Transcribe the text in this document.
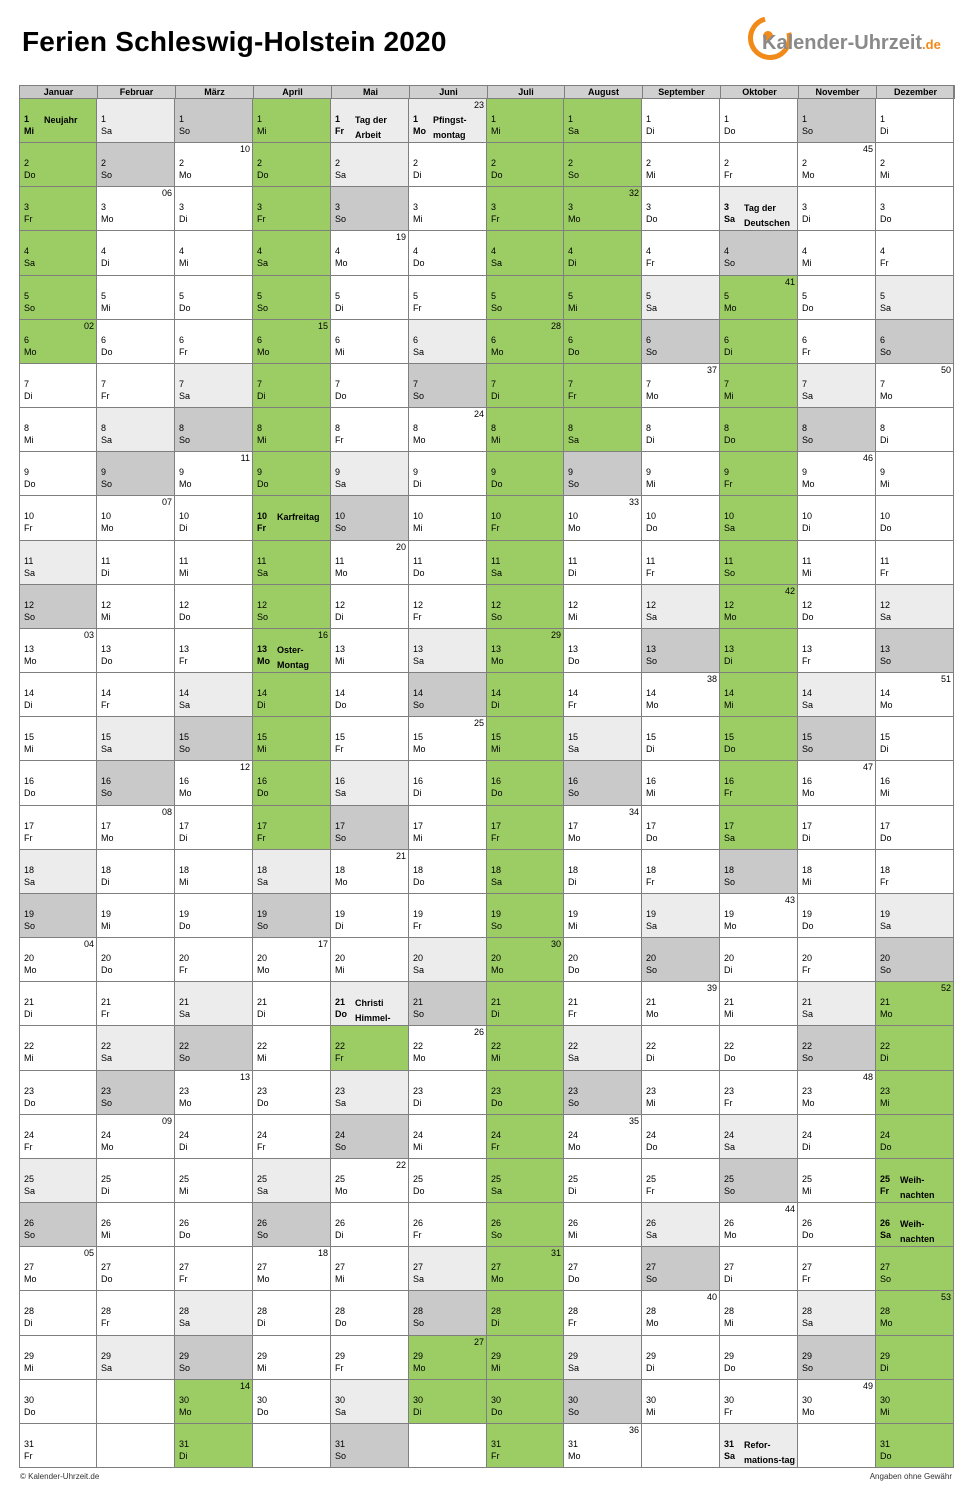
Ferien Schleswig-Holstein 2020	Kalender-Uhrzeit.de
Januar
1
Mi
Neujahr
2
Do
3
Fr
4
Sa
5
So
6
Mo
02
7
Di
8
Mi
9
Do
10
Fr
11
Sa
12
So
13
Mo
03
14
Di
15
Mi
16
Do
17
Fr
18
Sa
19
So
20
Mo
04
21
Di
22
Mi
23
Do
24
Fr
25
Sa
26
So
27
Mo
05
28
Di
29
Mi
30
Do
31
Fr
Februar
1
Sa
2
So
3
Mo
06
4
Di
5
Mi
6
Do
7
Fr
8
Sa
9
So
10
Mo
07
11
Di
12
Mi
13
Do
14
Fr
15
Sa
16
So
17
Mo
08
18
Di
19
Mi
20
Do
21
Fr
22
Sa
23
So
24
Mo
09
25
Di
26
Mi
27
Do
28
Fr
29
Sa
März
1
So
2
Mo
10
3
Di
4
Mi
5
Do
6
Fr
7
Sa
8
So
9
Mo
11
10
Di
11
Mi
12
Do
13
Fr
14
Sa
15
So
16
Mo
12
17
Di
18
Mi
19
Do
20
Fr
21
Sa
22
So
23
Mo
13
24
Di
25
Mi
26
Do
27
Fr
28
Sa
29
So
30
Mo
14
31
Di
April
1
Mi
2
Do
3
Fr
4
Sa
5
So
6
Mo
15
7
Di
8
Mi
9
Do
10
Fr
Karfreitag
11
Sa
12
So
13
Mo
Oster-Montag
16
14
Di
15
Mi
16
Do
17
Fr
18
Sa
19
So
20
Mo
17
21
Di
22
Mi
23
Do
24
Fr
25
Sa
26
So
27
Mo
18
28
Di
29
Mi
30
Do
Mai
1
Fr
Tag der Arbeit
2
Sa
3
So
4
Mo
19
5
Di
6
Mi
7
Do
8
Fr
9
Sa
10
So
11
Mo
20
12
Di
13
Mi
14
Do
15
Fr
16
Sa
17
So
18
Mo
21
19
Di
20
Mi
21
Do
Christi Himmel-
22
Fr
23
Sa
24
So
25
Mo
22
26
Di
27
Mi
28
Do
29
Fr
30
Sa
31
So
Juni
1
Mo
Pfingst-montag
23
2
Di
3
Mi
4
Do
5
Fr
6
Sa
7
So
8
Mo
24
9
Di
10
Mi
11
Do
12
Fr
13
Sa
14
So
15
Mo
25
16
Di
17
Mi
18
Do
19
Fr
20
Sa
21
So
22
Mo
26
23
Di
24
Mi
25
Do
26
Fr
27
Sa
28
So
29
Mo
27
30
Di
Juli
1
Mi
2
Do
3
Fr
4
Sa
5
So
6
Mo
28
7
Di
8
Mi
9
Do
10
Fr
11
Sa
12
So
13
Mo
29
14
Di
15
Mi
16
Do
17
Fr
18
Sa
19
So
20
Mo
30
21
Di
22
Mi
23
Do
24
Fr
25
Sa
26
So
27
Mo
31
28
Di
29
Mi
30
Do
31
Fr
August
1
Sa
2
So
3
Mo
32
4
Di
5
Mi
6
Do
7
Fr
8
Sa
9
So
10
Mo
33
11
Di
12
Mi
13
Do
14
Fr
15
Sa
16
So
17
Mo
34
18
Di
19
Mi
20
Do
21
Fr
22
Sa
23
So
24
Mo
35
25
Di
26
Mi
27
Do
28
Fr
29
Sa
30
So
31
Mo
36
September
1
Di
2
Mi
3
Do
4
Fr
5
Sa
6
So
7
Mo
37
8
Di
9
Mi
10
Do
11
Fr
12
Sa
13
So
14
Mo
38
15
Di
16
Mi
17
Do
18
Fr
19
Sa
20
So
21
Mo
39
22
Di
23
Mi
24
Do
25
Fr
26
Sa
27
So
28
Mo
40
29
Di
30
Mi
Oktober
1
Do
2
Fr
3
Sa
Tag der Deutschen
4
So
5
Mo
41
6
Di
7
Mi
8
Do
9
Fr
10
Sa
11
So
12
Mo
42
13
Di
14
Mi
15
Do
16
Fr
17
Sa
18
So
19
Mo
43
20
Di
21
Mi
22
Do
23
Fr
24
Sa
25
So
26
Mo
44
27
Di
28
Mi
29
Do
30
Fr
31
Sa
Refor-mations-tag
November
1
So
2
Mo
45
3
Di
4
Mi
5
Do
6
Fr
7
Sa
8
So
9
Mo
46
10
Di
11
Mi
12
Do
13
Fr
14
Sa
15
So
16
Mo
47
17
Di
18
Mi
19
Do
20
Fr
21
Sa
22
So
23
Mo
48
24
Di
25
Mi
26
Do
27
Fr
28
Sa
29
So
30
Mo
49
Dezember
1
Di
2
Mi
3
Do
4
Fr
5
Sa
6
So
7
Mo
50
8
Di
9
Mi
10
Do
11
Fr
12
Sa
13
So
14
Mo
51
15
Di
16
Mi
17
Do
18
Fr
19
Sa
20
So
21
Mo
52
22
Di
23
Mi
24
Do
25
Fr
Weih-nachten
26
Sa
Weih-nachten
27
So
28
Mo
53
29
Di
30
Mi
31
Do
© Kalender-Uhrzeit.de	Angaben ohne Gewähr
